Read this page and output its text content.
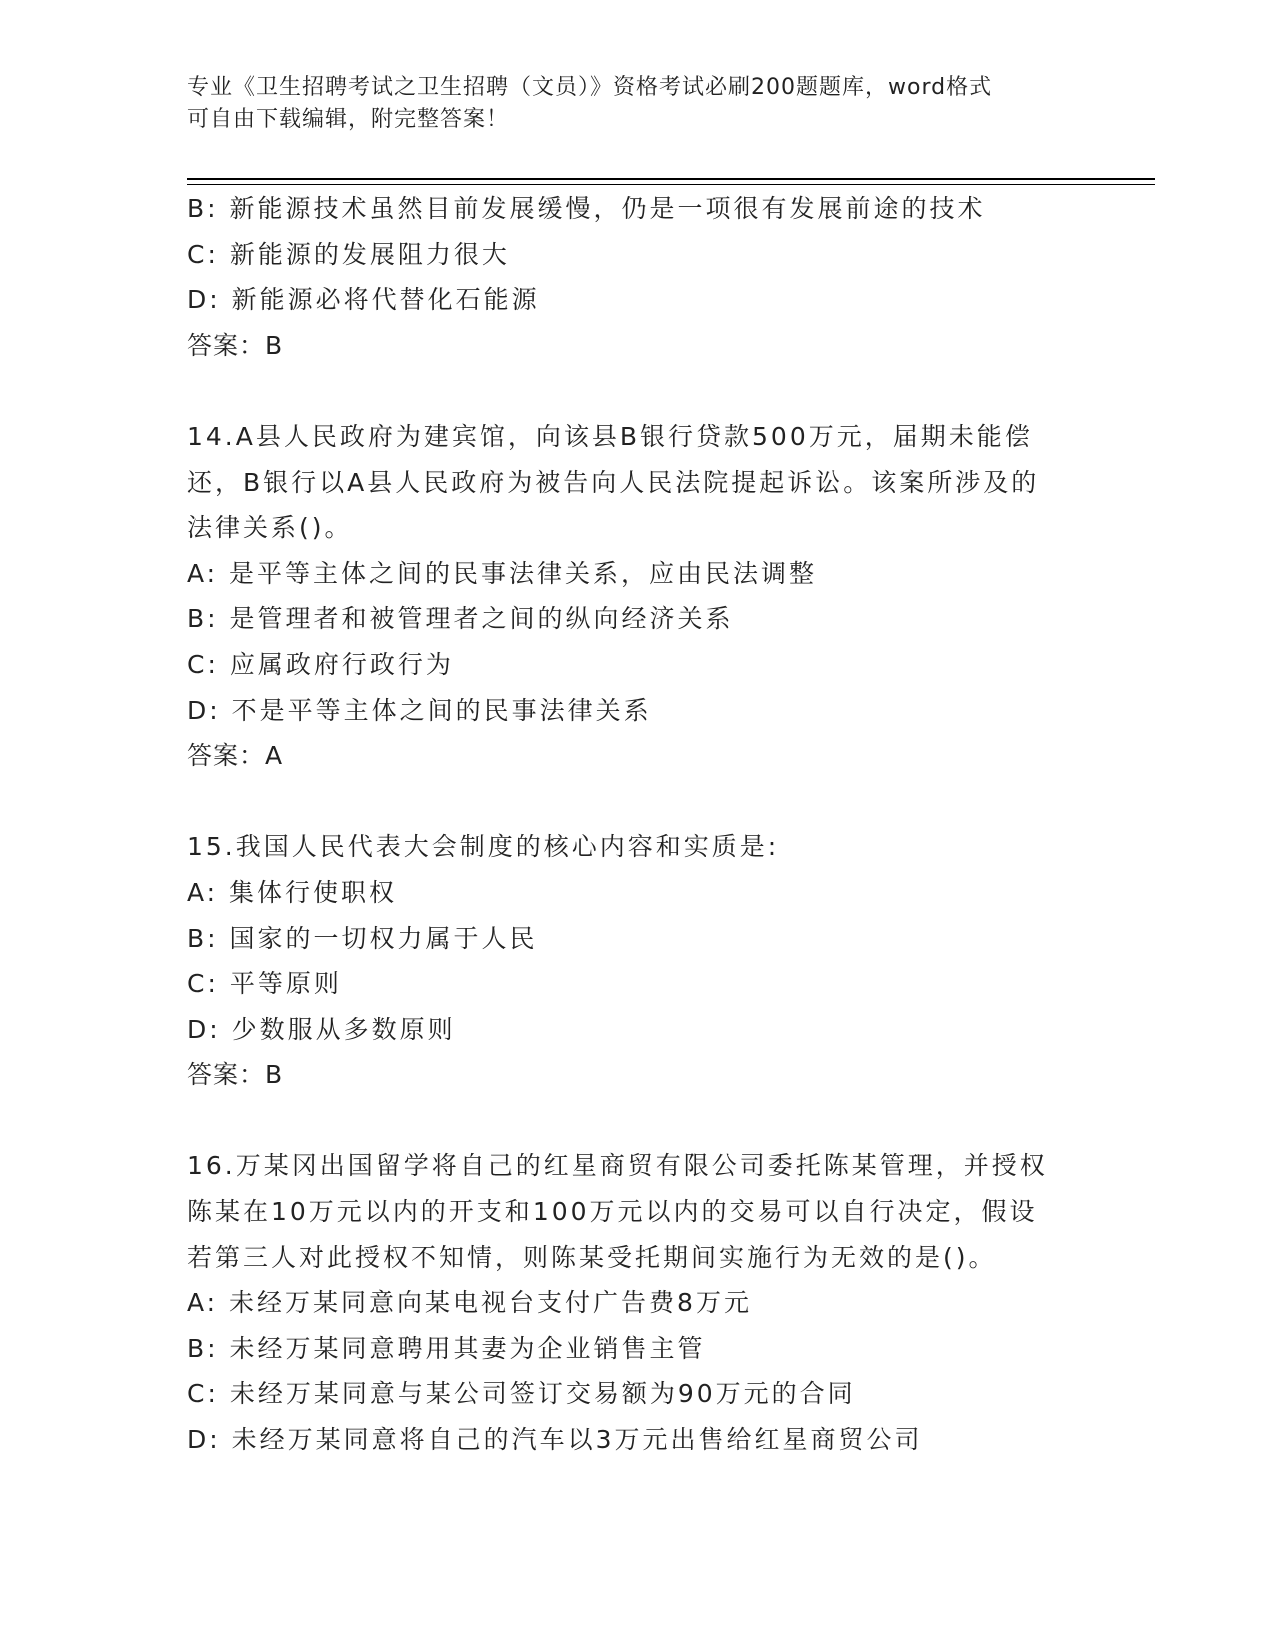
专业《卫生招聘考试之卫生招聘（文员）》资格考试必刷200题题库，word格式
可自由下载编辑，附完整答案！
B: 新能源技术虽然目前发展缓慢，仍是一项很有发展前途的技术
C: 新能源的发展阻力很大
D: 新能源必将代替化石能源
答案：B
14.A县人民政府为建宾馆，向该县B银行贷款500万元，届期未能偿
还，B银行以A县人民政府为被告向人民法院提起诉讼。该案所涉及的
法律关系()。
A: 是平等主体之间的民事法律关系，应由民法调整
B: 是管理者和被管理者之间的纵向经济关系
C: 应属政府行政行为
D: 不是平等主体之间的民事法律关系
答案：A
15.我国人民代表大会制度的核心内容和实质是:
A: 集体行使职权
B: 国家的一切权力属于人民
C: 平等原则
D: 少数服从多数原则
答案：B
16.万某冈出国留学将自己的红星商贸有限公司委托陈某管理，并授权
陈某在10万元以内的开支和100万元以内的交易可以自行决定，假设
若第三人对此授权不知情，则陈某受托期间实施行为无效的是()。
A: 未经万某同意向某电视台支付广告费8万元
B: 未经万某同意聘用其妻为企业销售主管
C: 未经万某同意与某公司签订交易额为90万元的合同
D: 未经万某同意将自己的汽车以3万元出售给红星商贸公司
